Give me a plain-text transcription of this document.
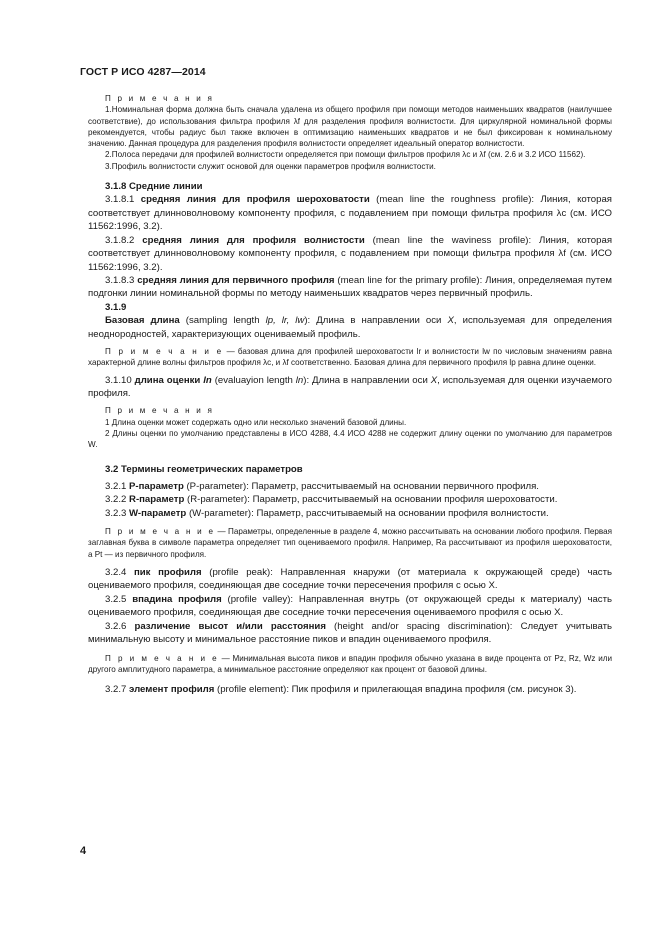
ГОСТ Р ИСО 4287—2014

П р и м е ч а н и я

1.Номинальная форма должна быть сначала удалена из общего профиля при помощи методов наименьших квадратов (наилучшее соответствие), до использования фильтра профиля λf для разделения профиля волнистости. Для циркулярной номинальной формы рекомендуется, чтобы радиус был также включен в оптимизацию наименьших квадратов и не был фиксирован к номинальному значению. Данная процедура для разделения профиля волнистости определяет идеальный оператор волнистости.

2.Полоса передачи для профилей волнистости определяется при помощи фильтров профиля λc и λf (см. 2.6 и 3.2 ИСО 11562).

3.Профиль волнистости служит основой для оценки параметров профиля волнистости.

3.1.8 Средние линии

3.1.8.1 средняя линия для профиля шероховатости (mean line the roughness profile): Линия, которая соответствует длинноволновому компоненту профиля, с подавлением при помощи фильтра профиля λc (см. ИСО 11562:1996, 3.2).

3.1.8.2 средняя линия для профиля волнистости (mean line the waviness profile): Линия, которая соответствует длинноволновому компоненту профиля, с подавлением при помощи фильтра профиля λf (см. ИСО 11562:1996, 3.2).

3.1.8.3 средняя линия для первичного профиля (mean line for the primary profile): Линия, определяемая путем подгонки линии номинальной формы по методу наименьших квадратов через первичный профиль.

3.1.9

Базовая длина (sampling length lp, lr, lw): Длина в направлении оси X, используемая для определения неоднородностей, характеризующих оцениваемый профиль.

П р и м е ч а н и е — базовая длина для профилей шероховатости lr и волнистости lw по числовым значениям равна характерной длине волны фильтров профиля λc, и λf соответственно. Базовая длина для первичного профиля lp равна длине оценки.

3.1.10 длина оценки ln (evaluayion length ln): Длина в направлении оси X, используемая для оценки изучаемого профиля.

П р и м е ч а н и я

1 Длина оценки может содержать одно или несколько значений базовой длины.

2 Длины оценки по умолчанию представлены в ИСО 4288, 4.4 ИСО 4288 не содержит длину оценки по умолчанию для параметров W.

3.2 Термины геометрических параметров

3.2.1 P-параметр (P-parameter): Параметр, рассчитываемый на основании первичного профиля.

3.2.2 R-параметр (R-parameter): Параметр, рассчитываемый на основании профиля шероховатости.

3.2.3 W-параметр (W-parameter): Параметр, рассчитываемый на основании профиля волнистости.

П р и м е ч а н и е — Параметры, определенные в разделе 4, можно рассчитывать на основании любого профиля. Первая заглавная буква в символе параметра определяет тип оцениваемого профиля. Например, Ra рассчитывают из профиля шероховатости, а Pt — из первичного профиля.

3.2.4 пик профиля (profile peak): Направленная кнаружи (от материала к окружающей среде) часть оцениваемого профиля, соединяющая две соседние точки пересечения профиля с осью X.

3.2.5 впадина профиля (profile valley): Направленная внутрь (от окружающей среды к материалу) часть оцениваемого профиля, соединяющая две соседние точки пересечения оцениваемого профиля с осью X.

3.2.6 различение высот и/или расстояния (height and/or spacing discrimination): Следует учитывать минимальную высоту и минимальное расстояние пиков и впадин оцениваемого профиля.

П р и м е ч а н и е — Минимальная высота пиков и впадин профиля обычно указана в виде процента от Pz, Rz, Wz или другого амплитудного параметра, а минимальное расстояние определяют как процент от базовой длины.

3.2.7 элемент профиля (profile element): Пик профиля и прилегающая впадина профиля (см. рисунок 3).

4
